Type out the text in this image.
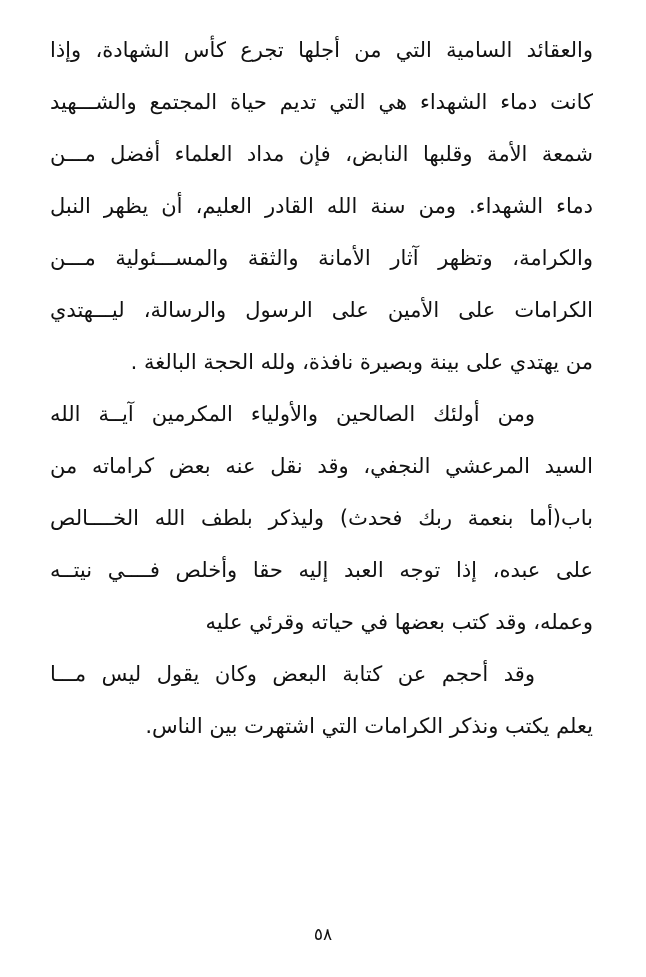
والعقائد السامية التي من أجلها تجرع كأس الشهادة، وإذا
كانت دماء الشهداء هي التي تديم حياة المجتمع والشـــهيد
شمعة الأمة وقلبها النابض، فإن مداد العلماء أفضل مـــن
دماء الشهداء. ومن سنة الله القادر العليم، أن يظهر النبل
والكرامة، وتظهر آثار الأمانة والثقة والمســـئولية مـــن
الكرامات على الأمين على الرسول والرسالة، ليـــهتدي
من يهتدي على بينة وبصيرة نافذة، ولله الحجة البالغة .
ومن أولئك الصالحين والأولياء المكرمين آيــة الله
السيد المرعشي النجفي، وقد نقل عنه بعض كراماته من
باب(أما بنعمة ربك فحدث) وليذكر بلطف الله الخــــالص
على عبده، إذا توجه العبد إليه حقا وأخلص فــــي نيتــه
وعمله، وقد كتب بعضها في حياته وقرئي عليه
وقد أحجم عن كتابة البعض وكان يقول ليس مـــا
يعلم يكتب ونذكر الكرامات التي اشتهرت بين الناس.
٥٨
